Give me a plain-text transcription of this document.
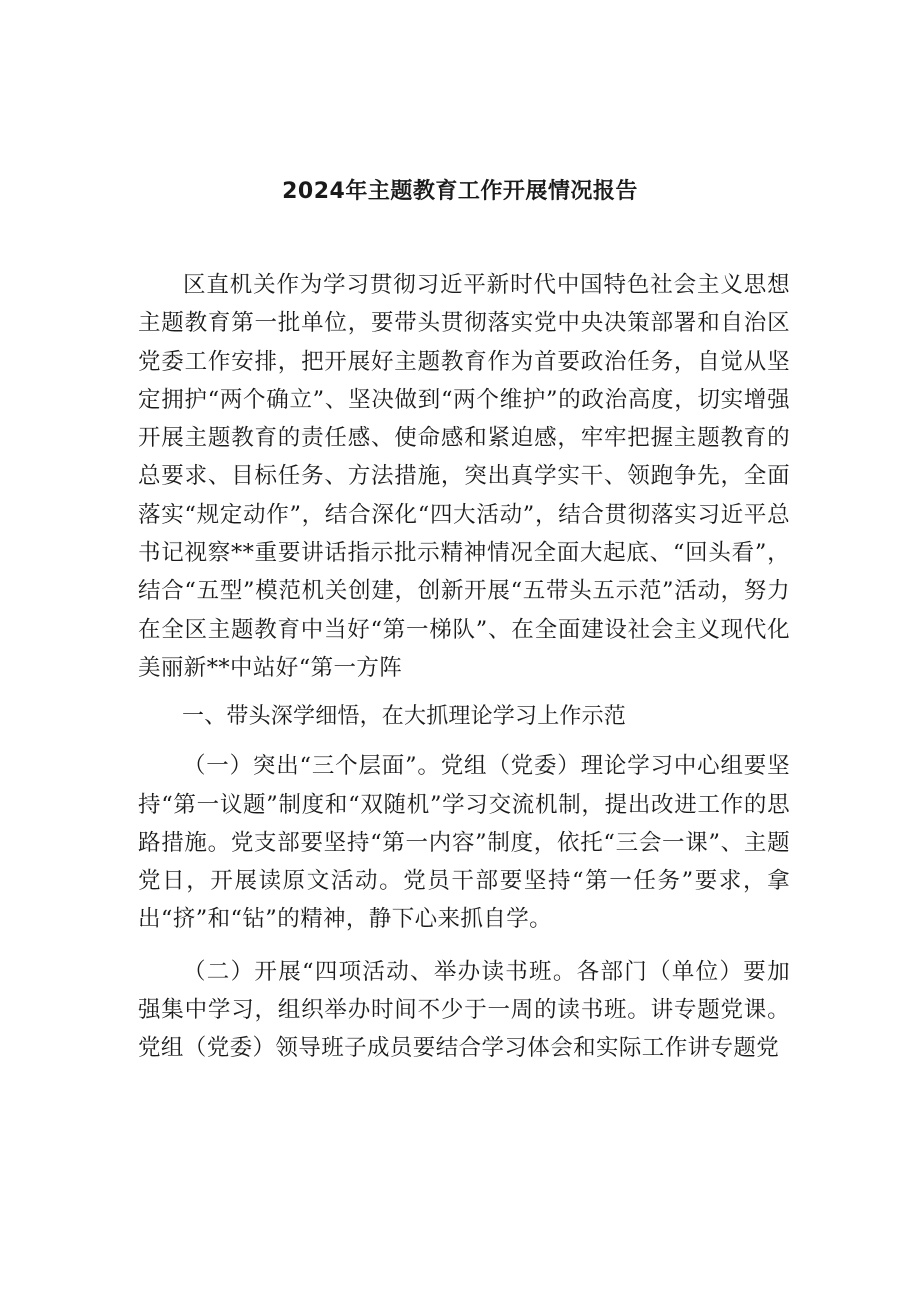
2024年主题教育工作开展情况报告

区直机关作为学习贯彻习近平新时代中国特色社会主义思想主题教育第一批单位，要带头贯彻落实党中央决策部署和自治区党委工作安排，把开展好主题教育作为首要政治任务，自觉从坚定拥护“两个确立”、坚决做到“两个维护”的政治高度，切实增强开展主题教育的责任感、使命感和紧迫感，牢牢把握主题教育的总要求、目标任务、方法措施，突出真学实干、领跑争先，全面落实“规定动作”，结合深化“四大活动”，结合贯彻落实习近平总书记视察**重要讲话指示批示精神情况全面大起底、“回头看”，结合“五型”模范机关创建，创新开展“五带头五示范”活动，努力在全区主题教育中当好“第一梯队”、在全面建设社会主义现代化美丽新**中站好“第一方阵

一、带头深学细悟，在大抓理论学习上作示范

（一）突出“三个层面”。党组（党委）理论学习中心组要坚持“第一议题”制度和“双随机”学习交流机制，提出改进工作的思路措施。党支部要坚持“第一内容”制度，依托“三会一课”、主题党日，开展读原文活动。党员干部要坚持“第一任务”要求，拿出“挤”和“钻”的精神，静下心来抓自学。

（二）开展“四项活动、举办读书班。各部门（单位）要加强集中学习，组织举办时间不少于一周的读书班。讲专题党课。党组（党委）领导班子成员要结合学习体会和实际工作讲专题党
